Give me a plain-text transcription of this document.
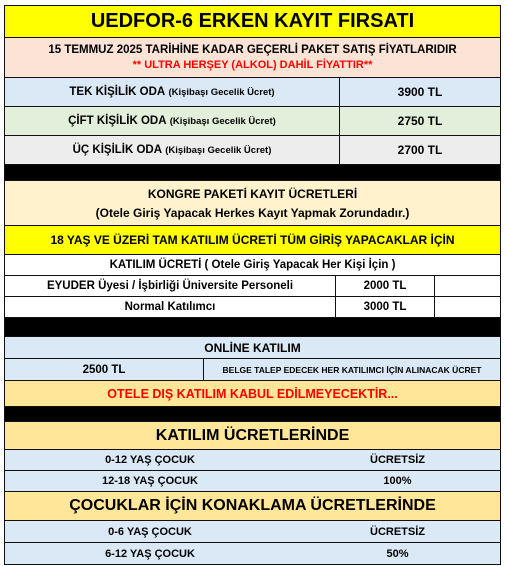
UEDFOR-6 ERKEN KAYIT FIRSATI
15 TEMMUZ 2025 TARİHİNE KADAR GEÇERLİ PAKET SATIŞ FİYATLARIDIR
** ULTRA HERŞEY (ALKOL) DAHİL FİYATTIR**
TEK KİŞİLİK ODA
(Kişibaşı Gecelik Ücret)	3900 TL
ÇİFT KİŞİLİK ODA
(Kişibaşı Gecelik Ücret)	2750 TL
ÜÇ KİŞİLİK ODA
(Kişibaşı Gecelik Ücret)	2700 TL
KONGRE PAKETİ KAYIT ÜCRETLERİ
(Otele Giriş Yapacak Herkes Kayıt Yapmak Zorundadır.)
18 YAŞ VE ÜZERİ TAM KATILIM ÜCRETİ TÜM GİRİŞ YAPACAKLAR İÇİN
KATILIM ÜCRETİ ( Otele Giriş Yapacak Her Kişi İçin )
EYUDER Üyesi / İşbirliği Üniversite Personeli	2000 TL
Normal Katılımcı	3000 TL
ONLİNE KATILIM
2500 TL	BELGE TALEP EDECEK HER KATILIMCI İÇİN ALINACAK ÜCRET
OTELE DIŞ KATILIM KABUL EDİLMEYECEKTİR...
KATILIM ÜCRETLERİNDE
0-12 YAŞ ÇOCUK	ÜCRETSİZ
12-18 YAŞ ÇOCUK	100%
ÇOCUKLAR İÇİN KONAKLAMA ÜCRETLERİNDE
0-6 YAŞ ÇOCUK	ÜCRETSİZ
6-12 YAŞ ÇOCUK	50%
